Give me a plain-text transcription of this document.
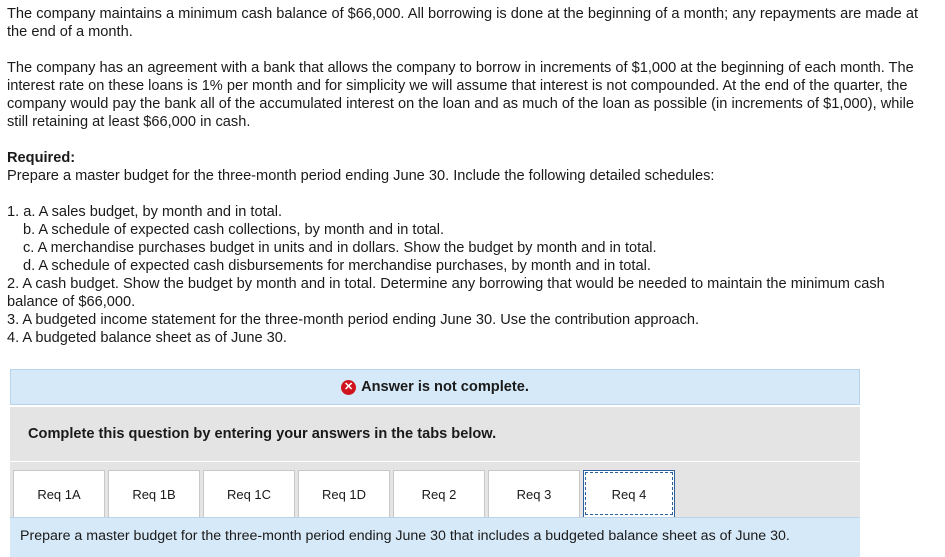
The company maintains a minimum cash balance of $66,000. All borrowing is done at the beginning of a month; any repayments are made at the end of a month.

The company has an agreement with a bank that allows the company to borrow in increments of $1,000 at the beginning of each month. The interest rate on these loans is 1% per month and for simplicity we will assume that interest is not compounded. At the end of the quarter, the company would pay the bank all of the accumulated interest on the loan and as much of the loan as possible (in increments of $1,000), while still retaining at least $66,000 in cash.

Required:

Prepare a master budget for the three-month period ending June 30. Include the following detailed schedules:

1. a. A sales budget, by month and in total.

b. A schedule of expected cash collections, by month and in total.

c. A merchandise purchases budget in units and in dollars. Show the budget by month and in total.

d. A schedule of expected cash disbursements for merchandise purchases, by month and in total.

2. A cash budget. Show the budget by month and in total. Determine any borrowing that would be needed to maintain the minimum cash balance of $66,000.

3. A budgeted income statement for the three-month period ending June 30. Use the contribution approach.

4. A budgeted balance sheet as of June 30.

✕ Answer is not complete.
Complete this question by entering your answers in the tabs below.
Req 1A	Req 1B	Req 1C	Req 1D	Req 2	Req 3	Req 4
Prepare a master budget for the three-month period ending June 30 that includes a budgeted balance sheet as of June 30.
